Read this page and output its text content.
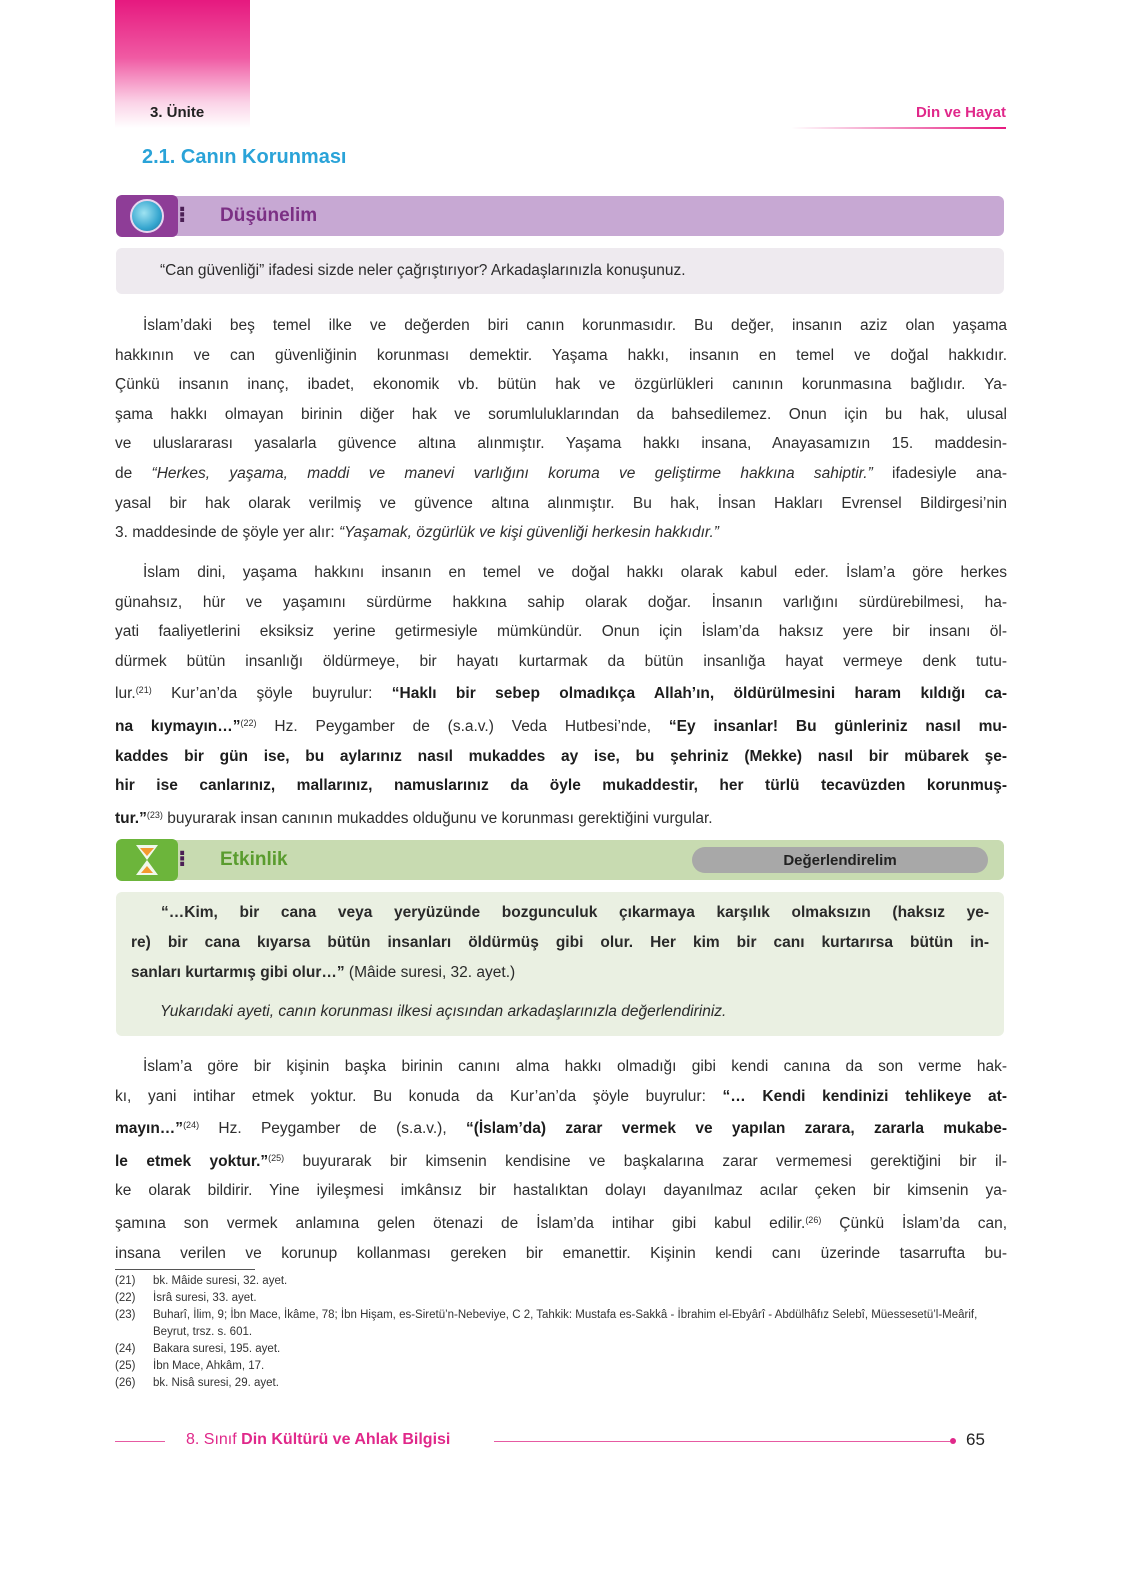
3. Ünite	Din ve Hayat
2.1. Canın Korunması
⁝ Düşünelim
“Can güvenliği” ifadesi sizde neler çağrıştırıyor? Arkadaşlarınızla konuşunuz.
İslam’daki beş temel ilke ve değerden biri canın korunmasıdır. Bu değer, insanın aziz olan yaşama
hakkının ve can güvenliğinin korunması demektir. Yaşama hakkı, insanın en temel ve doğal hakkıdır.
Çünkü insanın inanç, ibadet, ekonomik vb. bütün hak ve özgürlükleri canının korunmasına bağlıdır. Ya-
şama hakkı olmayan birinin diğer hak ve sorumluluklarından da bahsedilemez. Onun için bu hak, ulusal
ve uluslararası yasalarla güvence altına alınmıştır. Yaşama hakkı insana, Anayasamızın 15. maddesin-
de “Herkes, yaşama, maddi ve manevi varlığını koruma ve geliştirme hakkına sahiptir.” ifadesiyle ana-
yasal bir hak olarak verilmiş ve güvence altına alınmıştır. Bu hak, İnsan Hakları Evrensel Bildirgesi’nin
3. maddesinde de şöyle yer alır: “Yaşamak, özgürlük ve kişi güvenliği herkesin hakkıdır.”
İslam dini, yaşama hakkını insanın en temel ve doğal hakkı olarak kabul eder. İslam’a göre herkes
günahsız, hür ve yaşamını sürdürme hakkına sahip olarak doğar. İnsanın varlığını sürdürebilmesi, ha-
yati faaliyetlerini eksiksiz yerine getirmesiyle mümkündür. Onun için İslam’da haksız yere bir insanı öl-
dürmek bütün insanlığı öldürmeye, bir hayatı kurtarmak da bütün insanlığa hayat vermeye denk tutu-
lur.$^{(21)}$ Kur’an’da şöyle buyrulur: “Haklı bir sebep olmadıkça Allah’ın, öldürülmesini haram kıldığı ca-
na kıymayın…”$^{(22)}$ Hz. Peygamber de (s.a.v.) Veda Hutbesi’nde, “Ey insanlar! Bu günleriniz nasıl mu-
kaddes bir gün ise, bu aylarınız nasıl mukaddes ay ise, bu şehriniz (Mekke) nasıl bir mübarek şe-
hir ise canlarınız, mallarınız, namuslarınız da öyle mukaddestir, her türlü tecavüzden korunmuş-
tur.”$^{(23)}$ buyurarak insan canının mukaddes olduğunu ve korunması gerektiğini vurgular.
⁝ Etkinlik	Değerlendirelim
“…Kim, bir cana veya yeryüzünde bozgunculuk çıkarmaya karşılık olmaksızın (haksız ye-
re) bir cana kıyarsa bütün insanları öldürmüş gibi olur. Her kim bir canı kurtarırsa bütün in-
sanları kurtarmış gibi olur…” (Mâide suresi, 32. ayet.)
Yukarıdaki ayeti, canın korunması ilkesi açısından arkadaşlarınızla değerlendiriniz.
İslam’a göre bir kişinin başka birinin canını alma hakkı olmadığı gibi kendi canına da son verme hak-
kı, yani intihar etmek yoktur. Bu konuda da Kur’an’da şöyle buyrulur: “… Kendi kendinizi tehlikeye at-
mayın…”$^{(24)}$ Hz. Peygamber de (s.a.v.), “(İslam’da) zarar vermek ve yapılan zarara, zararla mukabe-
le etmek yoktur.”$^{(25)}$ buyurarak bir kimsenin kendisine ve başkalarına zarar vermemesi gerektiğini bir il-
ke olarak bildirir. Yine iyileşmesi imkânsız bir hastalıktan dolayı dayanılmaz acılar çeken bir kimsenin ya-
şamına son vermek anlamına gelen ötenazi de İslam’da intihar gibi kabul edilir.$^{(26)}$ Çünkü İslam’da can,
insana verilen ve korunup kollanması gereken bir emanettir. Kişinin kendi canı üzerinde tasarrufta bu-
(21)	bk. Mâide suresi, 32. ayet.
(22)	İsrâ suresi, 33. ayet.
(23)	Buharî, İlim, 9; İbn Mace, İkâme, 78; İbn Hişam, es-Siretü’n-Nebeviye, C 2, Tahkik: Mustafa es-Sakkâ - İbrahim el-Ebyârî - Abdülhâfız Selebî, Müessesetü’l-Meârif, Beyrut, trsz. s. 601.
(24)	Bakara suresi, 195. ayet.
(25)	İbn Mace, Ahkâm, 17.
(26)	bk. Nisâ suresi, 29. ayet.
8. Sınıf Din Kültürü ve Ahlak Bilgisi	65
